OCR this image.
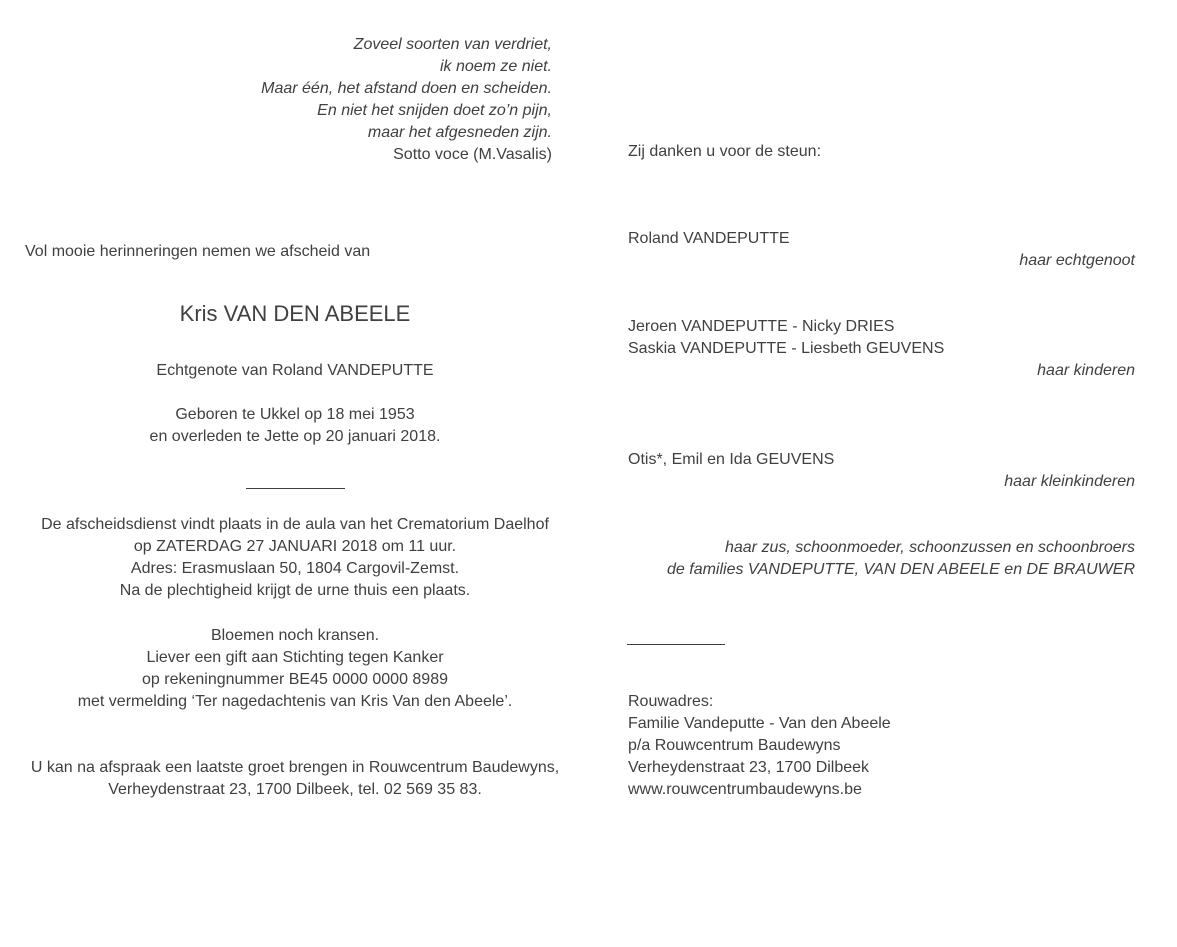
Zoveel soorten van verdriet,
ik noem ze niet.
Maar één, het afstand doen en scheiden.
En niet het snijden doet zo’n pijn,
maar het afgesneden zijn.
Sotto voce (M.Vasalis)
Vol mooie herinneringen nemen we afscheid van
Kris VAN DEN ABEELE
Echtgenote van Roland VANDEPUTTE
Geboren te Ukkel op 18 mei 1953
en overleden te Jette op 20 januari 2018.
De afscheidsdienst vindt plaats in de aula van het Crematorium Daelhof
op ZATERDAG 27 JANUARI 2018 om 11 uur.
Adres: Erasmuslaan 50, 1804 Cargovil-Zemst.
Na de plechtigheid krijgt de urne thuis een plaats.
Bloemen noch kransen.
Liever een gift aan Stichting tegen Kanker
op rekeningnummer BE45 0000 0000 8989
met vermelding ‘Ter nagedachtenis van Kris Van den Abeele’.
U kan na afspraak een laatste groet brengen in Rouwcentrum Baudewyns,
Verheydenstraat 23, 1700 Dilbeek, tel. 02 569 35 83.
Zij danken u voor de steun:
Roland VANDEPUTTE
haar echtgenoot
Jeroen VANDEPUTTE - Nicky DRIES
Saskia VANDEPUTTE - Liesbeth GEUVENS
haar kinderen
Otis*, Emil en Ida GEUVENS
haar kleinkinderen
haar zus, schoonmoeder, schoonzussen en schoonbroers
de families VANDEPUTTE, VAN DEN ABEELE en DE BRAUWER
Rouwadres:
Familie Vandeputte - Van den Abeele
p/a Rouwcentrum Baudewyns
Verheydenstraat 23, 1700 Dilbeek
www.rouwcentrumbaudewyns.be
